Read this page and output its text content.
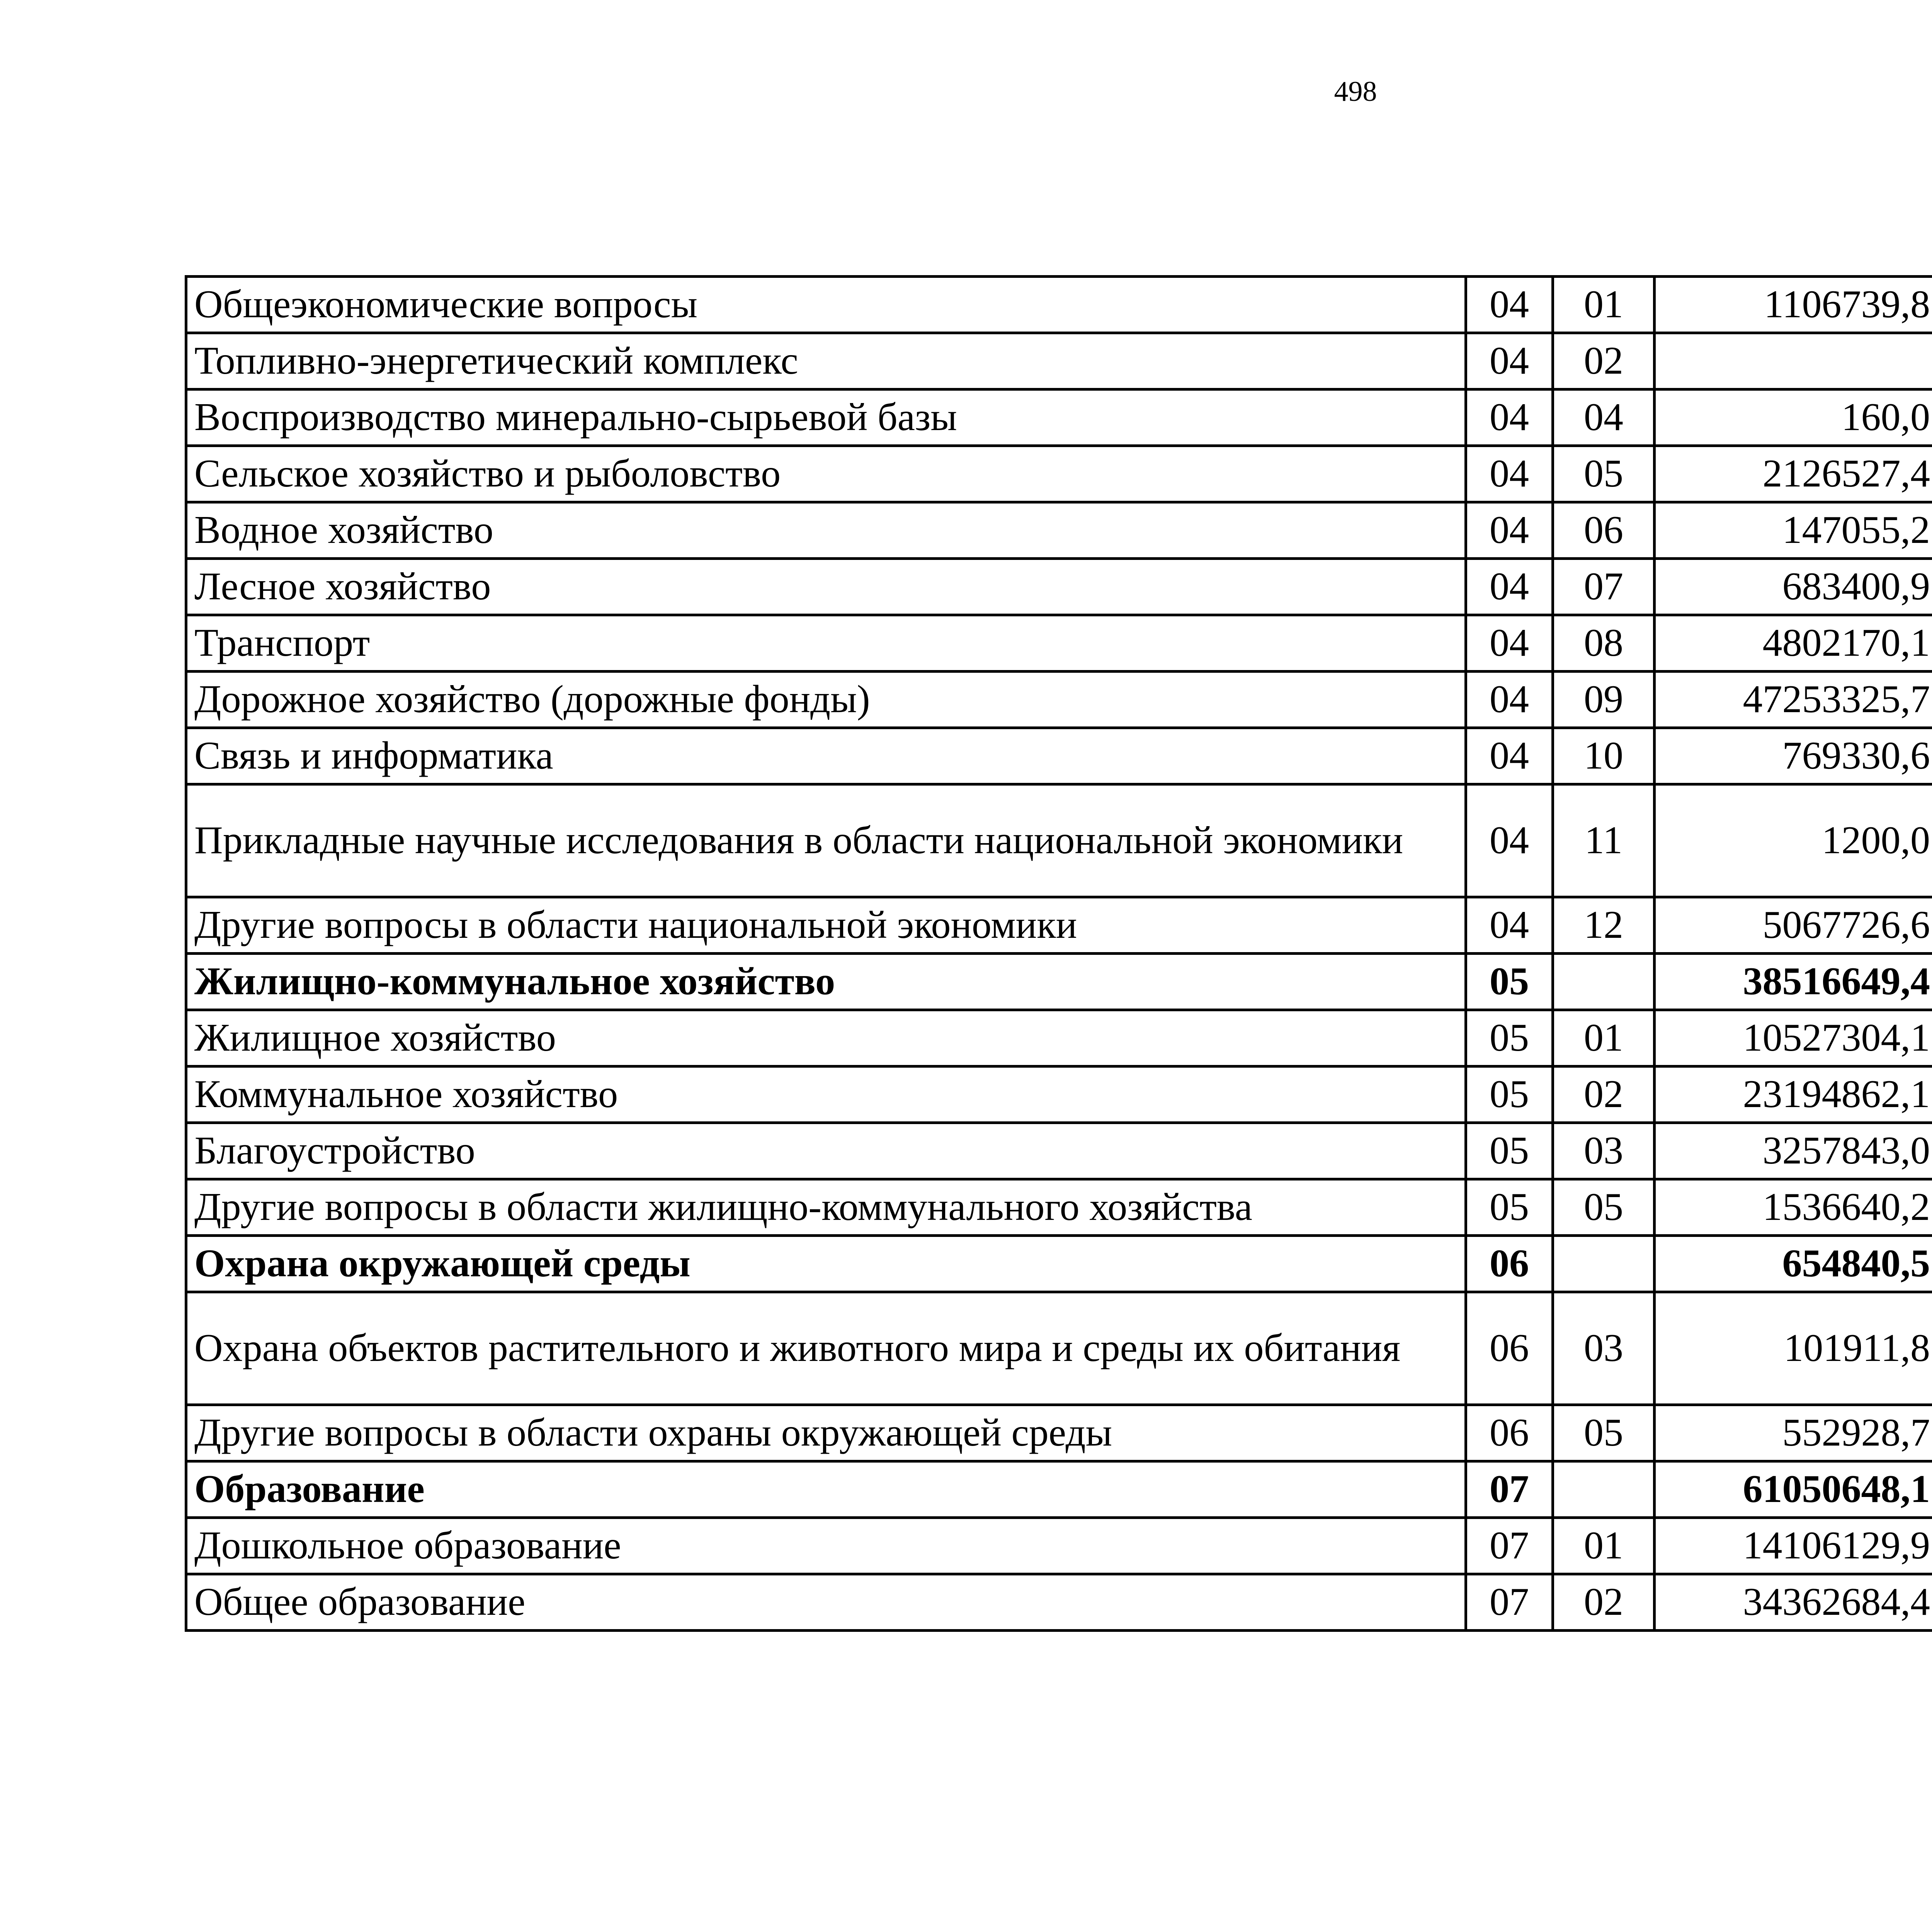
498
Общеэкономические вопросы	04	01	1106739,8		
Топливно-энергетический комплекс	04	02			
Воспроизводство минерально-сырьевой базы	04	04	160,0		
Сельское хозяйство и рыболовство	04	05	2126527,4		
Водное хозяйство	04	06	147055,2		
Лесное хозяйство	04	07	683400,9		
Транспорт	04	08	4802170,1		
Дорожное хозяйство (дорожные фонды)	04	09	47253325,7		
Связь и информатика	04	10	769330,6		
Прикладные научные исследования в области национальной экономики	04	11	1200,0		
Другие вопросы в области национальной экономики	04	12	5067726,6		
Жилищно-коммунальное хозяйство	05		38516649,4		
Жилищное хозяйство	05	01	10527304,1		
Коммунальное хозяйство	05	02	23194862,1		
Благоустройство	05	03	3257843,0		
Другие вопросы в области жилищно-коммунального хозяйства	05	05	1536640,2		
Охрана окружающей среды	06		654840,5		
Охрана объектов растительного и животного мира и среды их обитания	06	03	101911,8		
Другие вопросы в области охраны окружающей среды	06	05	552928,7		
Образование	07		61050648,1		
Дошкольное образование	07	01	14106129,9		
Общее образование	07	02	34362684,4		
